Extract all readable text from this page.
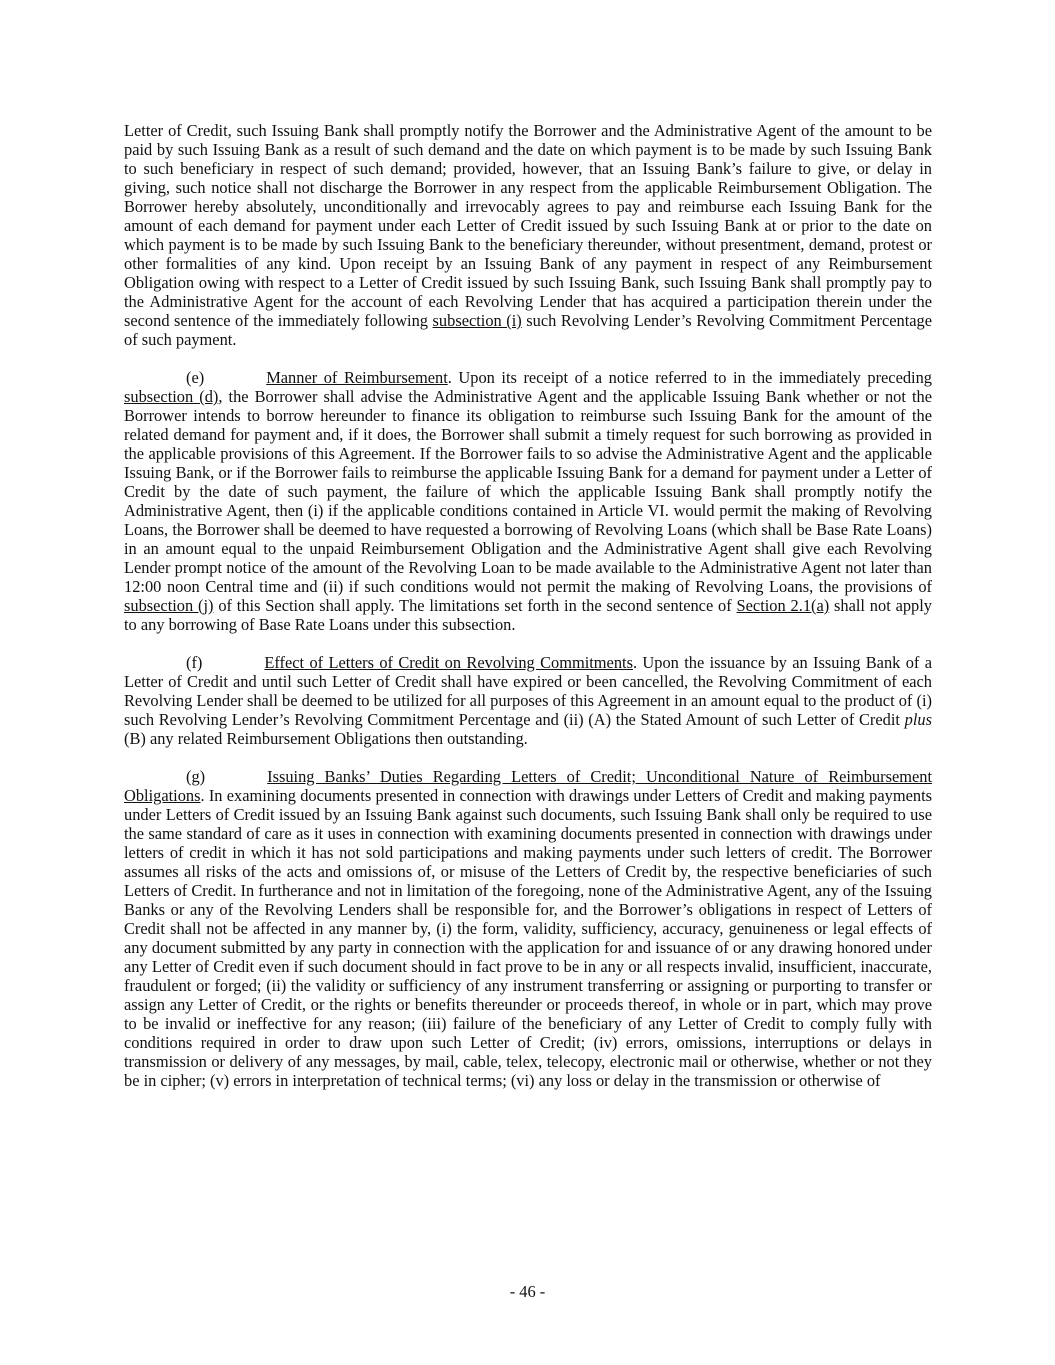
Letter of Credit, such Issuing Bank shall promptly notify the Borrower and the Administrative Agent of the amount to be paid by such Issuing Bank as a result of such demand and the date on which payment is to be made by such Issuing Bank to such beneficiary in respect of such demand; provided, however, that an Issuing Bank’s failure to give, or delay in giving, such notice shall not discharge the Borrower in any respect from the applicable Reimbursement Obligation. The Borrower hereby absolutely, unconditionally and irrevocably agrees to pay and reimburse each Issuing Bank for the amount of each demand for payment under each Letter of Credit issued by such Issuing Bank at or prior to the date on which payment is to be made by such Issuing Bank to the beneficiary thereunder, without presentment, demand, protest or other formalities of any kind. Upon receipt by an Issuing Bank of any payment in respect of any Reimbursement Obligation owing with respect to a Letter of Credit issued by such Issuing Bank, such Issuing Bank shall promptly pay to the Administrative Agent for the account of each Revolving Lender that has acquired a participation therein under the second sentence of the immediately following subsection (i) such Revolving Lender’s Revolving Commitment Percentage of such payment.

(e)	Manner of Reimbursement. Upon its receipt of a notice referred to in the immediately preceding subsection (d), the Borrower shall advise the Administrative Agent and the applicable Issuing Bank whether or not the Borrower intends to borrow hereunder to finance its obligation to reimburse such Issuing Bank for the amount of the related demand for payment and, if it does, the Borrower shall submit a timely request for such borrowing as provided in the applicable provisions of this Agreement. If the Borrower fails to so advise the Administrative Agent and the applicable Issuing Bank, or if the Borrower fails to reimburse the applicable Issuing Bank for a demand for payment under a Letter of Credit by the date of such payment, the failure of which the applicable Issuing Bank shall promptly notify the Administrative Agent, then (i) if the applicable conditions contained in Article VI. would permit the making of Revolving Loans, the Borrower shall be deemed to have requested a borrowing of Revolving Loans (which shall be Base Rate Loans) in an amount equal to the unpaid Reimbursement Obligation and the Administrative Agent shall give each Revolving Lender prompt notice of the amount of the Revolving Loan to be made available to the Administrative Agent not later than 12:00 noon Central time and (ii) if such conditions would not permit the making of Revolving Loans, the provisions of subsection (j) of this Section shall apply. The limitations set forth in the second sentence of Section 2.1(a) shall not apply to any borrowing of Base Rate Loans under this subsection.

(f)	Effect of Letters of Credit on Revolving Commitments. Upon the issuance by an Issuing Bank of a Letter of Credit and until such Letter of Credit shall have expired or been cancelled, the Revolving Commitment of each Revolving Lender shall be deemed to be utilized for all purposes of this Agreement in an amount equal to the product of (i) such Revolving Lender’s Revolving Commitment Percentage and (ii) (A) the Stated Amount of such Letter of Credit plus (B) any related Reimbursement Obligations then outstanding.

(g)	Issuing Banks’ Duties Regarding Letters of Credit; Unconditional Nature of Reimbursement Obligations. In examining documents presented in connection with drawings under Letters of Credit and making payments under Letters of Credit issued by an Issuing Bank against such documents, such Issuing Bank shall only be required to use the same standard of care as it uses in connection with examining documents presented in connection with drawings under letters of credit in which it has not sold participations and making payments under such letters of credit. The Borrower assumes all risks of the acts and omissions of, or misuse of the Letters of Credit by, the respective beneficiaries of such Letters of Credit. In furtherance and not in limitation of the foregoing, none of the Administrative Agent, any of the Issuing Banks or any of the Revolving Lenders shall be responsible for, and the Borrower’s obligations in respect of Letters of Credit shall not be affected in any manner by, (i) the form, validity, sufficiency, accuracy, genuineness or legal effects of any document submitted by any party in connection with the application for and issuance of or any drawing honored under any Letter of Credit even if such document should in fact prove to be in any or all respects invalid, insufficient, inaccurate, fraudulent or forged; (ii) the validity or sufficiency of any instrument transferring or assigning or purporting to transfer or assign any Letter of Credit, or the rights or benefits thereunder or proceeds thereof, in whole or in part, which may prove to be invalid or ineffective for any reason; (iii) failure of the beneficiary of any Letter of Credit to comply fully with conditions required in order to draw upon such Letter of Credit; (iv) errors, omissions, interruptions or delays in transmission or delivery of any messages, by mail, cable, telex, telecopy, electronic mail or otherwise, whether or not they be in cipher; (v) errors in interpretation of technical terms; (vi) any loss or delay in the transmission or otherwise of

- 46 -
